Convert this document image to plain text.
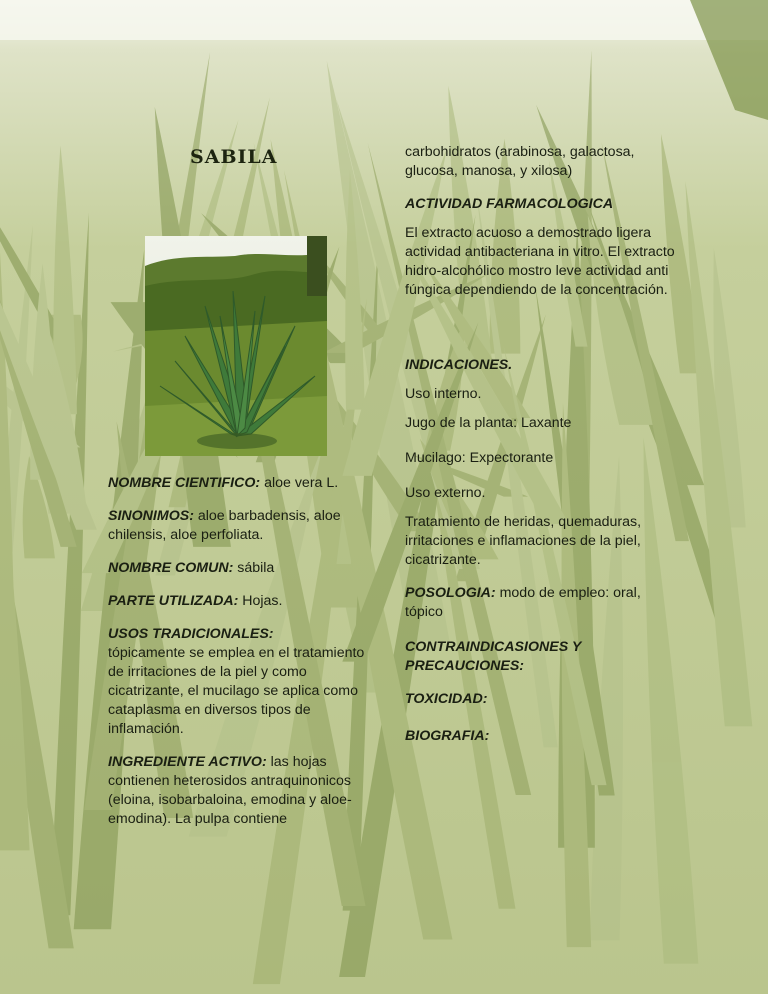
SABILA

NOMBRE CIENTIFICO: aloe vera L.

SINONIMOS: aloe barbadensis, aloe chilensis, aloe perfoliata.

NOMBRE COMUN: sábila

PARTE UTILIZADA: Hojas.

USOS TRADICIONALES:
tópicamente se emplea en el tratamiento de irritaciones de la piel y como cicatrizante, el mucilago se aplica como cataplasma en diversos tipos de inflamación.

INGREDIENTE ACTIVO: las hojas contienen heterosidos antraquinonicos (eloina, isobarbaloina, emodina y aloe-emodina). La pulpa contiene

carbohidratos (arabinosa, galactosa, glucosa, manosa, y xilosa)

ACTIVIDAD FARMACOLOGICA

El extracto acuoso a demostrado ligera actividad antibacteriana in vitro. El extracto hidro-alcohólico mostro leve actividad anti fúngica dependiendo de la concentración.

INDICACIONES.

Uso interno.

Jugo de la planta: Laxante

Mucilago: Expectorante

Uso externo.

Tratamiento de heridas, quemaduras, irritaciones e inflamaciones de la piel, cicatrizante.

POSOLOGIA: modo de empleo: oral, tópico

CONTRAINDICASIONES Y PRECAUCIONES:

TOXICIDAD:

BIOGRAFIA:
